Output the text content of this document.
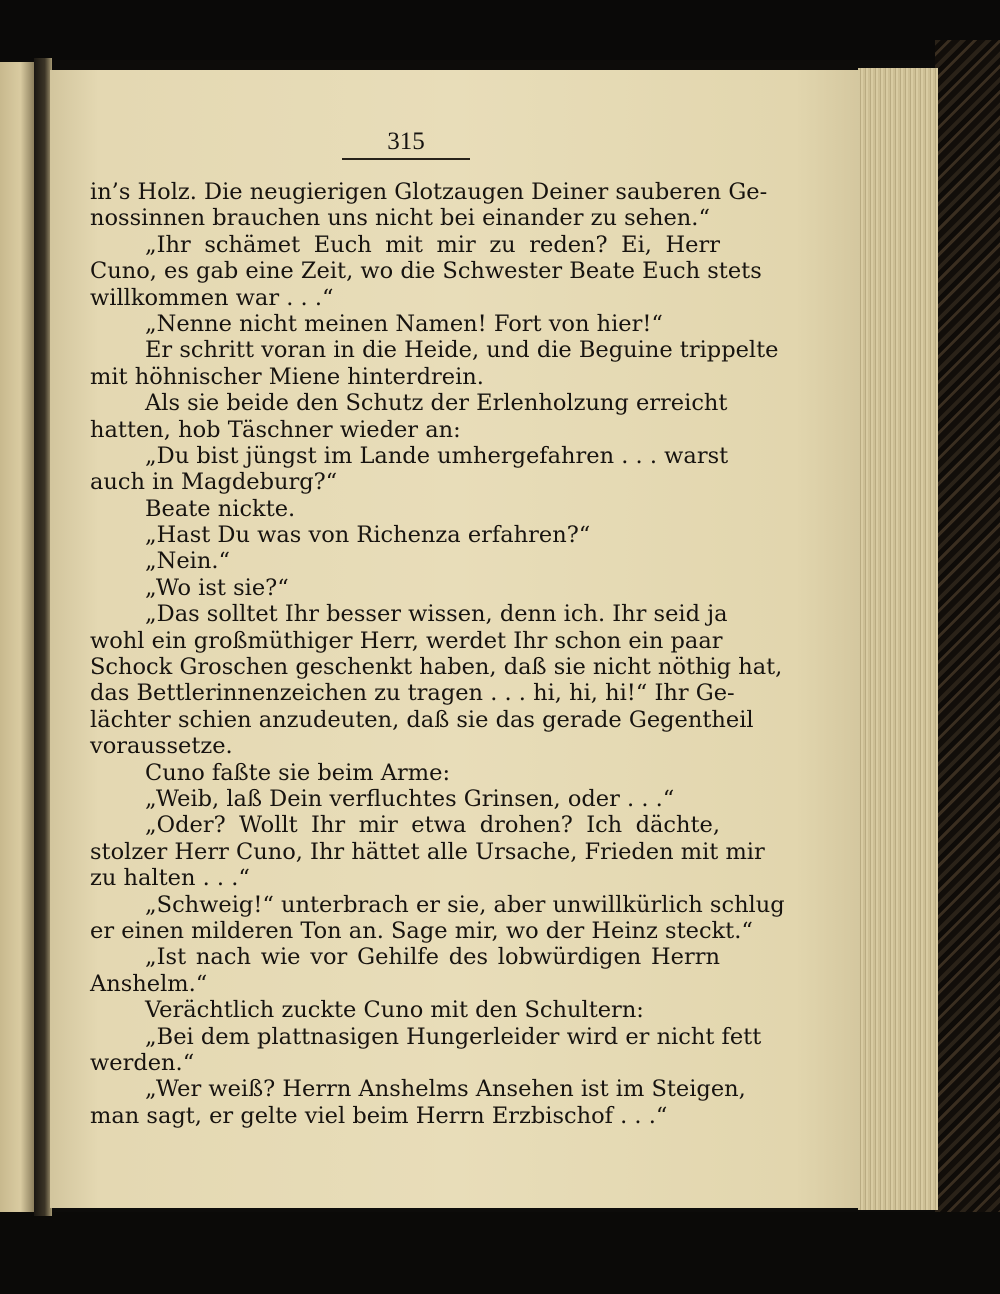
315
in’s Holz. Die neugierigen Glotzaugen Deiner sauberen Ge-
nossinnen brauchen uns nicht bei einander zu sehen.“
„Ihr schämet Euch mit mir zu reden? Ei, Herr
Cuno, es gab eine Zeit, wo die Schwester Beate Euch stets
willkommen war . . .“
„Nenne nicht meinen Namen! Fort von hier!“
Er schritt voran in die Heide, und die Beguine trippelte
mit höhnischer Miene hinterdrein.
Als sie beide den Schutz der Erlenholzung erreicht
hatten, hob Täschner wieder an:
„Du bist jüngst im Lande umhergefahren . . . warst
auch in Magdeburg?“
Beate nickte.
„Hast Du was von Richenza erfahren?“
„Nein.“
„Wo ist sie?“
„Das solltet Ihr besser wissen, denn ich. Ihr seid ja
wohl ein großmüthiger Herr, werdet Ihr schon ein paar
Schock Groschen geschenkt haben, daß sie nicht nöthig hat,
das Bettlerinnenzeichen zu tragen . . . hi, hi, hi!“ Ihr Ge-
lächter schien anzudeuten, daß sie das gerade Gegentheil
voraussetze.
Cuno faßte sie beim Arme:
„Weib, laß Dein verfluchtes Grinsen, oder . . .“
„Oder? Wollt Ihr mir etwa drohen? Ich dächte,
stolzer Herr Cuno, Ihr hättet alle Ursache, Frieden mit mir
zu halten . . .“
„Schweig!“ unterbrach er sie, aber unwillkürlich schlug
er einen milderen Ton an. Sage mir, wo der Heinz steckt.“
„Ist nach wie vor Gehilfe des lobwürdigen Herrn
Anshelm.“
Verächtlich zuckte Cuno mit den Schultern:
„Bei dem plattnasigen Hungerleider wird er nicht fett
werden.“
„Wer weiß? Herrn Anshelms Ansehen ist im Steigen,
man sagt, er gelte viel beim Herrn Erzbischof . . .“
